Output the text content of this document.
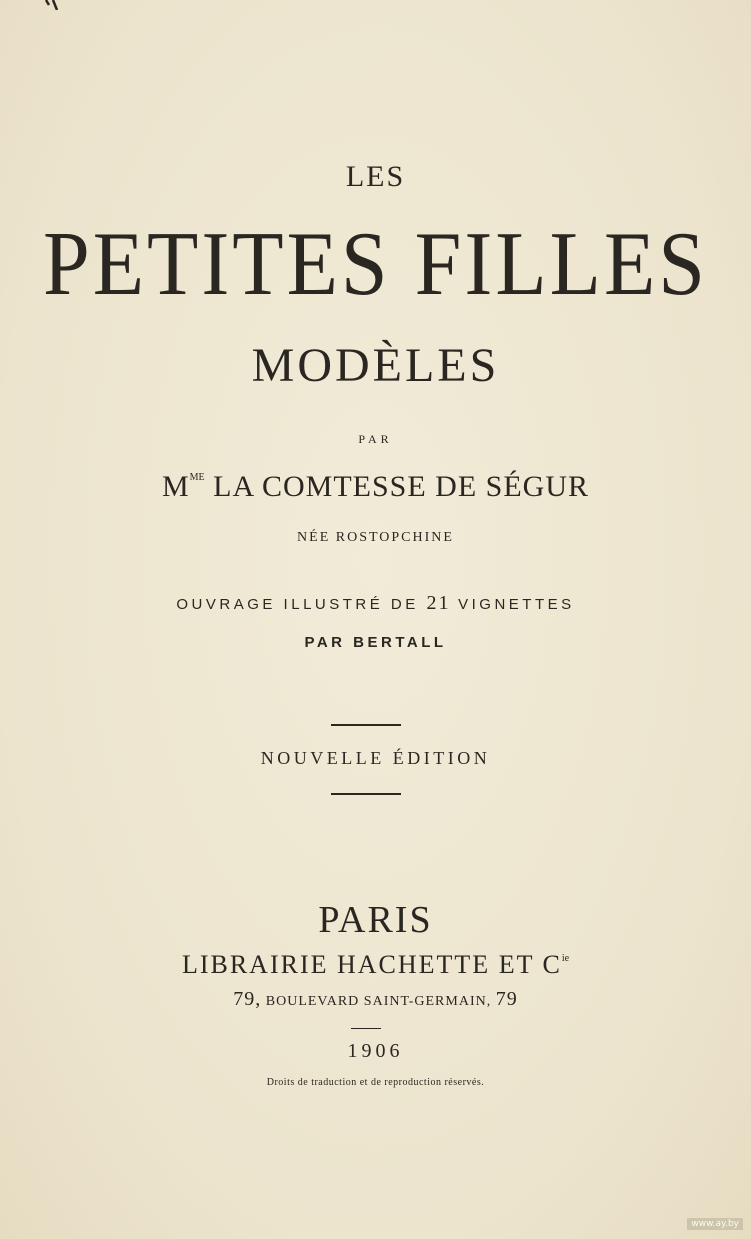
LES
PETITES FILLES
MODÈLES
PAR
$M^{ME}$ LA COMTESSE DE SÉGUR
NÉE ROSTOPCHINE
OUVRAGE ILLUSTRÉ DE 21 VIGNETTES
PAR BERTALL
NOUVELLE ÉDITION
PARIS
LIBRAIRIE HACHETTE ET $C^{ie}$
79, BOULEVARD SAINT-GERMAIN, 79
1906
Droits de traduction et de reproduction réservés.
www.ay.by
